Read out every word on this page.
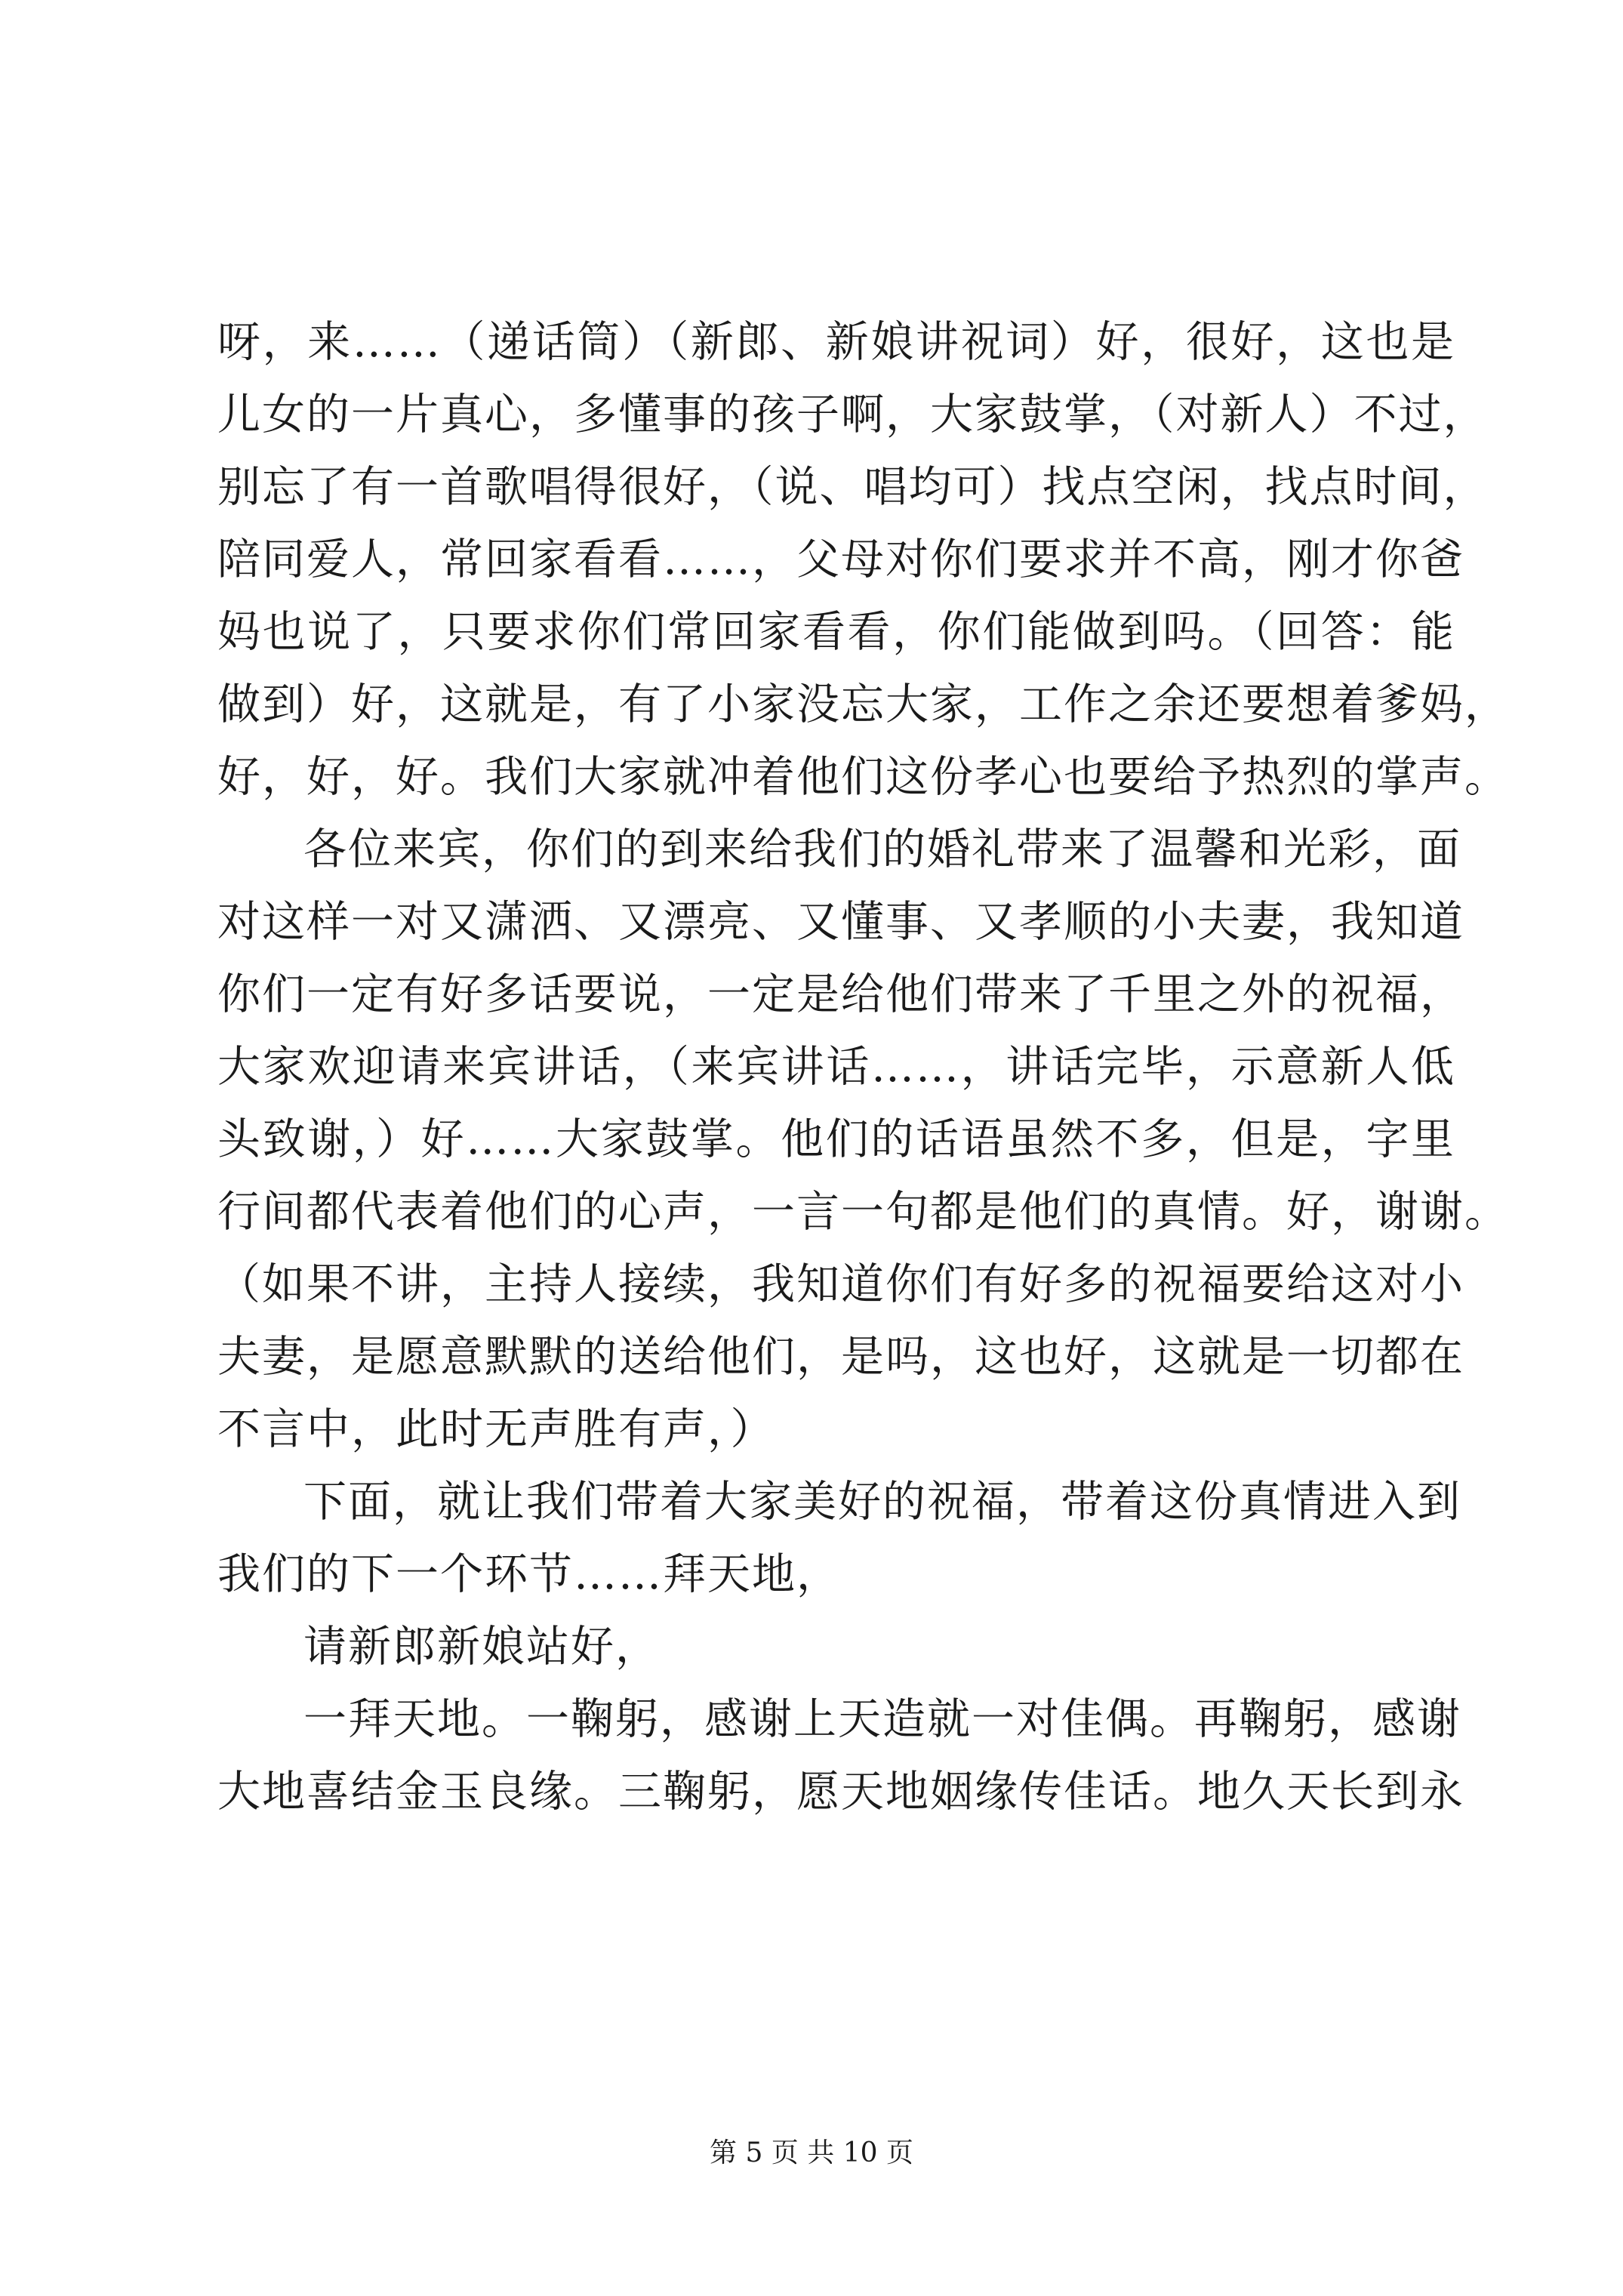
呀，来……（递话筒）（新郎、新娘讲祝词）好，很好，这也是
儿女的一片真心，多懂事的孩子啊，大家鼓掌，（对新人）不过，
别忘了有一首歌唱得很好，（说、唱均可）找点空闲，找点时间，
陪同爱人，常回家看看……，父母对你们要求并不高，刚才你爸
妈也说了，只要求你们常回家看看，你们能做到吗。（回答：能
做到）好，这就是，有了小家没忘大家，工作之余还要想着爹妈，
好，好，好。我们大家就冲着他们这份孝心也要给予热烈的掌声。
各位来宾，你们的到来给我们的婚礼带来了温馨和光彩，面
对这样一对又潇洒、又漂亮、又懂事、又孝顺的小夫妻，我知道
你们一定有好多话要说，一定是给他们带来了千里之外的祝福，
大家欢迎请来宾讲话，（来宾讲话……，讲话完毕，示意新人低
头致谢，）好……大家鼓掌。他们的话语虽然不多，但是，字里
行间都代表着他们的心声，一言一句都是他们的真情。好，谢谢。
（如果不讲，主持人接续，我知道你们有好多的祝福要给这对小
夫妻，是愿意默默的送给他们，是吗，这也好，这就是一切都在
不言中，此时无声胜有声，）
下面，就让我们带着大家美好的祝福，带着这份真情进入到
我们的下一个环节……拜天地，
请新郎新娘站好，
一拜天地。一鞠躬，感谢上天造就一对佳偶。再鞠躬，感谢
大地喜结金玉良缘。三鞠躬，愿天地姻缘传佳话。地久天长到永
第 5 页 共 10 页
